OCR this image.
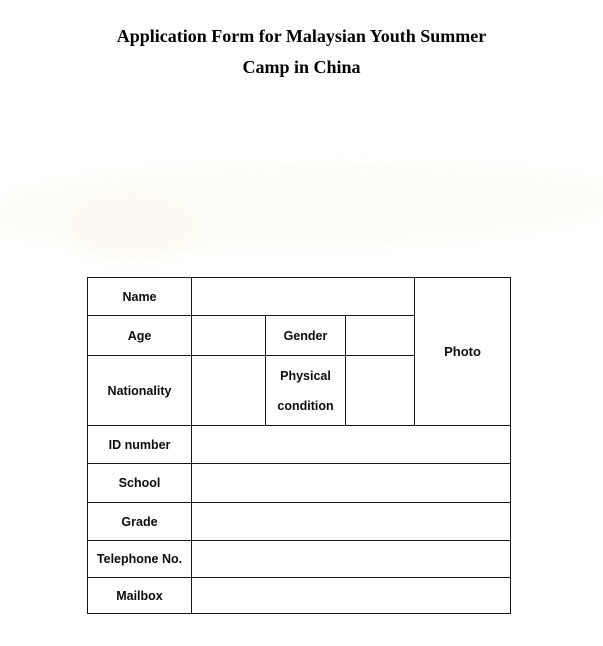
Application Form for Malaysian Youth Summer
Camp in China
Name				Photo
Age		Gender		
Nationality		Physical condition		
ID number				
School				
Grade				
Telephone No.				
Mailbox				
